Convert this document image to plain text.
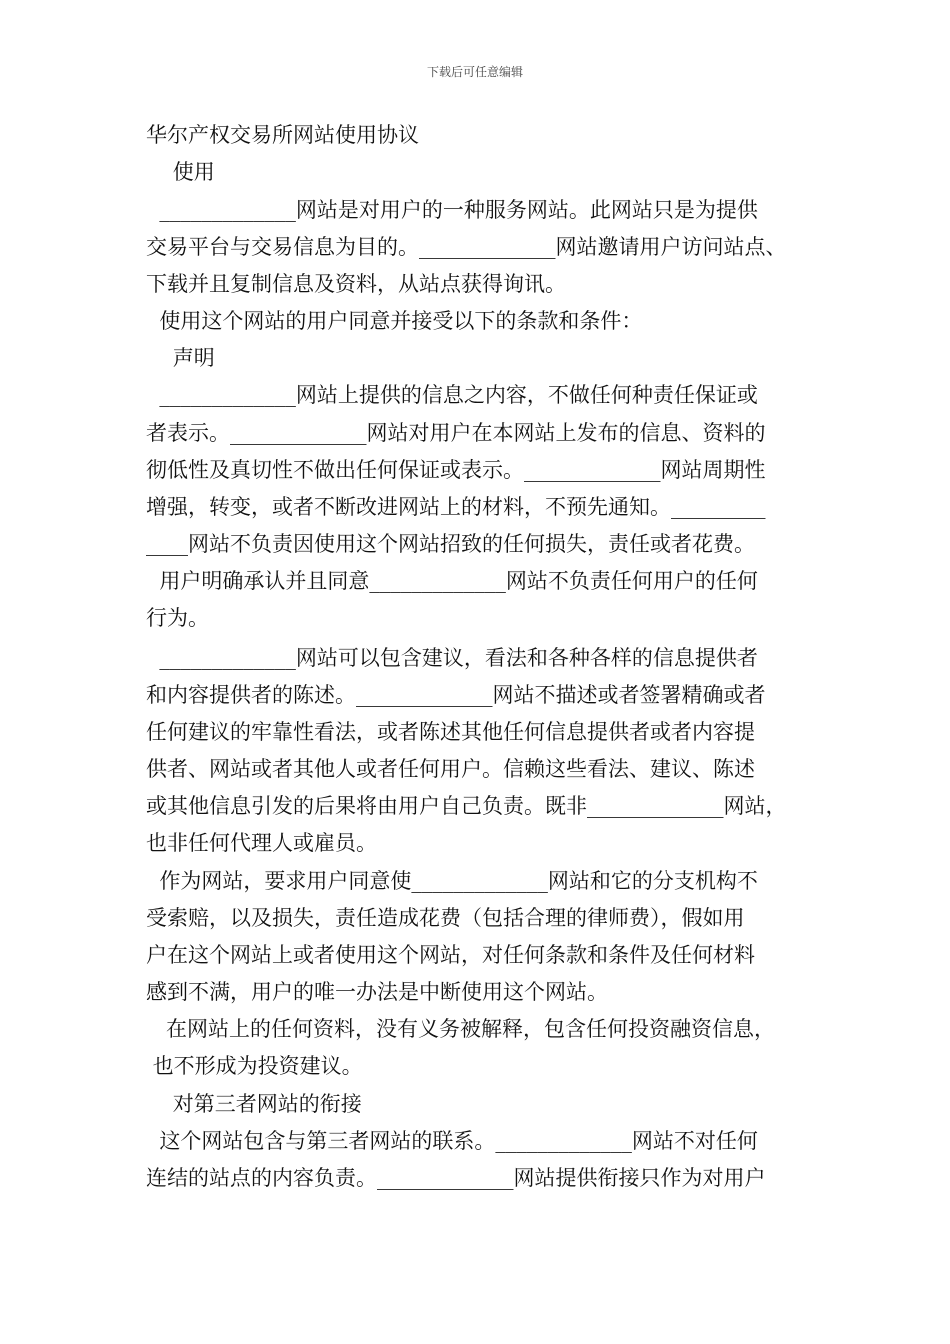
下载后可任意编辑
华尔产权交易所网站使用协议
使用
_____________网站是对用户的一种服务网站。此网站只是为提供
交易平台与交易信息为目的。_____________网站邀请用户访问站点、
下载并且复制信息及资料，从站点获得询讯。
使用这个网站的用户同意并接受以下的条款和条件：
声明
_____________网站上提供的信息之内容，不做任何种责任保证或
者表示。_____________网站对用户在本网站上发布的信息、资料的
彻低性及真切性不做出任何保证或表示。_____________网站周期性
增强，转变，或者不断改进网站上的材料，不预先通知。_________
____网站不负责因使用这个网站招致的任何损失，责任或者花费。
用户明确承认并且同意_____________网站不负责任何用户的任何
行为。
_____________网站可以包含建议，看法和各种各样的信息提供者
和内容提供者的陈述。_____________网站不描述或者签署精确或者
任何建议的牢靠性看法，或者陈述其他任何信息提供者或者内容提
供者、网站或者其他人或者任何用户。信赖这些看法、建议、陈述
或其他信息引发的后果将由用户自己负责。既非_____________网站，
也非任何代理人或雇员。
作为网站，要求用户同意使_____________网站和它的分支机构不
受索赔，以及损失，责任造成花费（包括合理的律师费），假如用
户在这个网站上或者使用这个网站，对任何条款和条件及任何材料
感到不满，用户的唯一办法是中断使用这个网站。
在网站上的任何资料，没有义务被解释，包含任何投资融资信息，
也不形成为投资建议。
对第三者网站的衔接
这个网站包含与第三者网站的联系。_____________网站不对任何
连结的站点的内容负责。_____________网站提供衔接只作为对用户
